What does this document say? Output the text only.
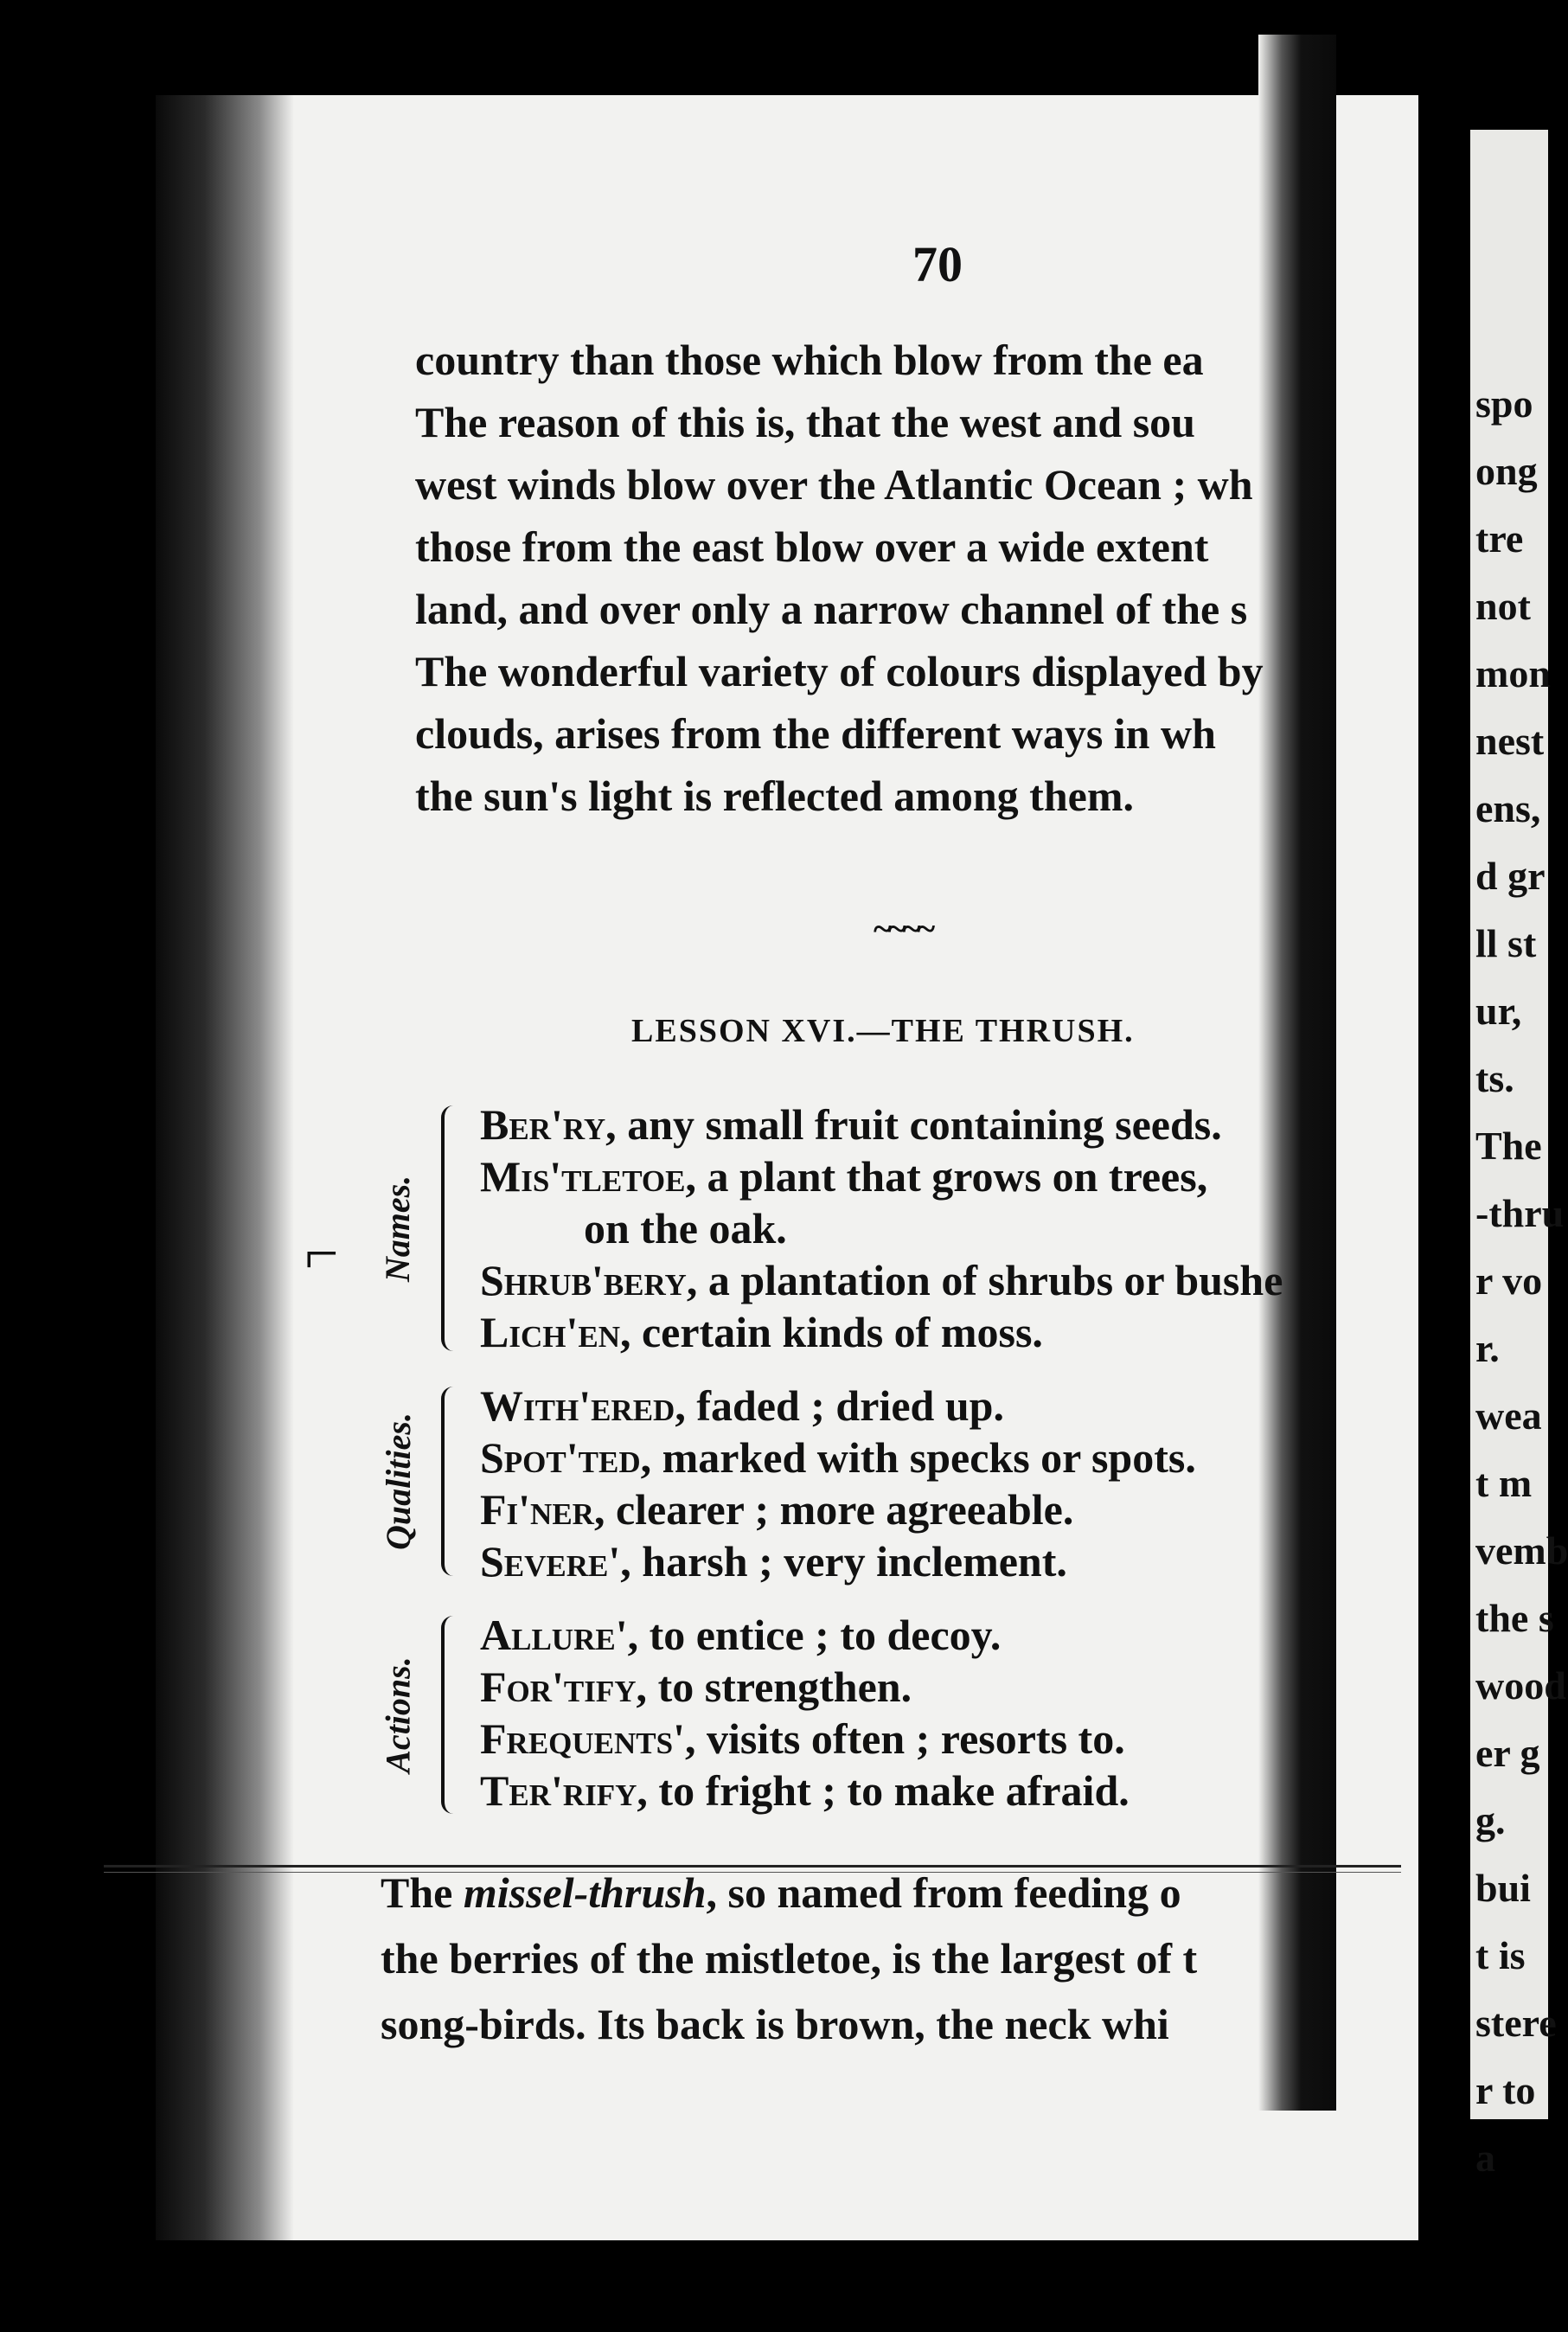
spo
ong
tre
not
mon
nest
ens,
d gr
ll st
ur,
ts.
The
-thru
r vo
r.
wea
t m
vemb
the s
wood
er g
g.
bui
t is
stere
r to
a
70
country than those which blow from the ea
The reason of this is, that the west and sou
west winds blow over the Atlantic Ocean ; wh
those from the east blow over a wide extent
land, and over only a narrow channel of the s
The wonderful variety of colours displayed by
clouds, arises from the different ways in wh
the sun's light is reflected among them.
~~~~
LESSON XVI.—THE THRUSH.
⌐ Names.
Ber'ry, any small fruit containing seeds.
Mis'tletoe, a plant that grows on trees,
on the oak.
Shrub'bery, a plantation of shrubs or bushe
Lich'en, certain kinds of moss.
Qualities.
With'ered, faded ; dried up.
Spot'ted, marked with specks or spots.
Fi'ner, clearer ; more agreeable.
Severe', harsh ; very inclement.
Actions.
Allure', to entice ; to decoy.
For'tify, to strengthen.
Frequents', visits often ; resorts to.
Ter'rify, to fright ; to make afraid.
The missel-thrush, so named from feeding o
the berries of the mistletoe, is the largest of t
song-birds. Its back is brown, the neck whi
